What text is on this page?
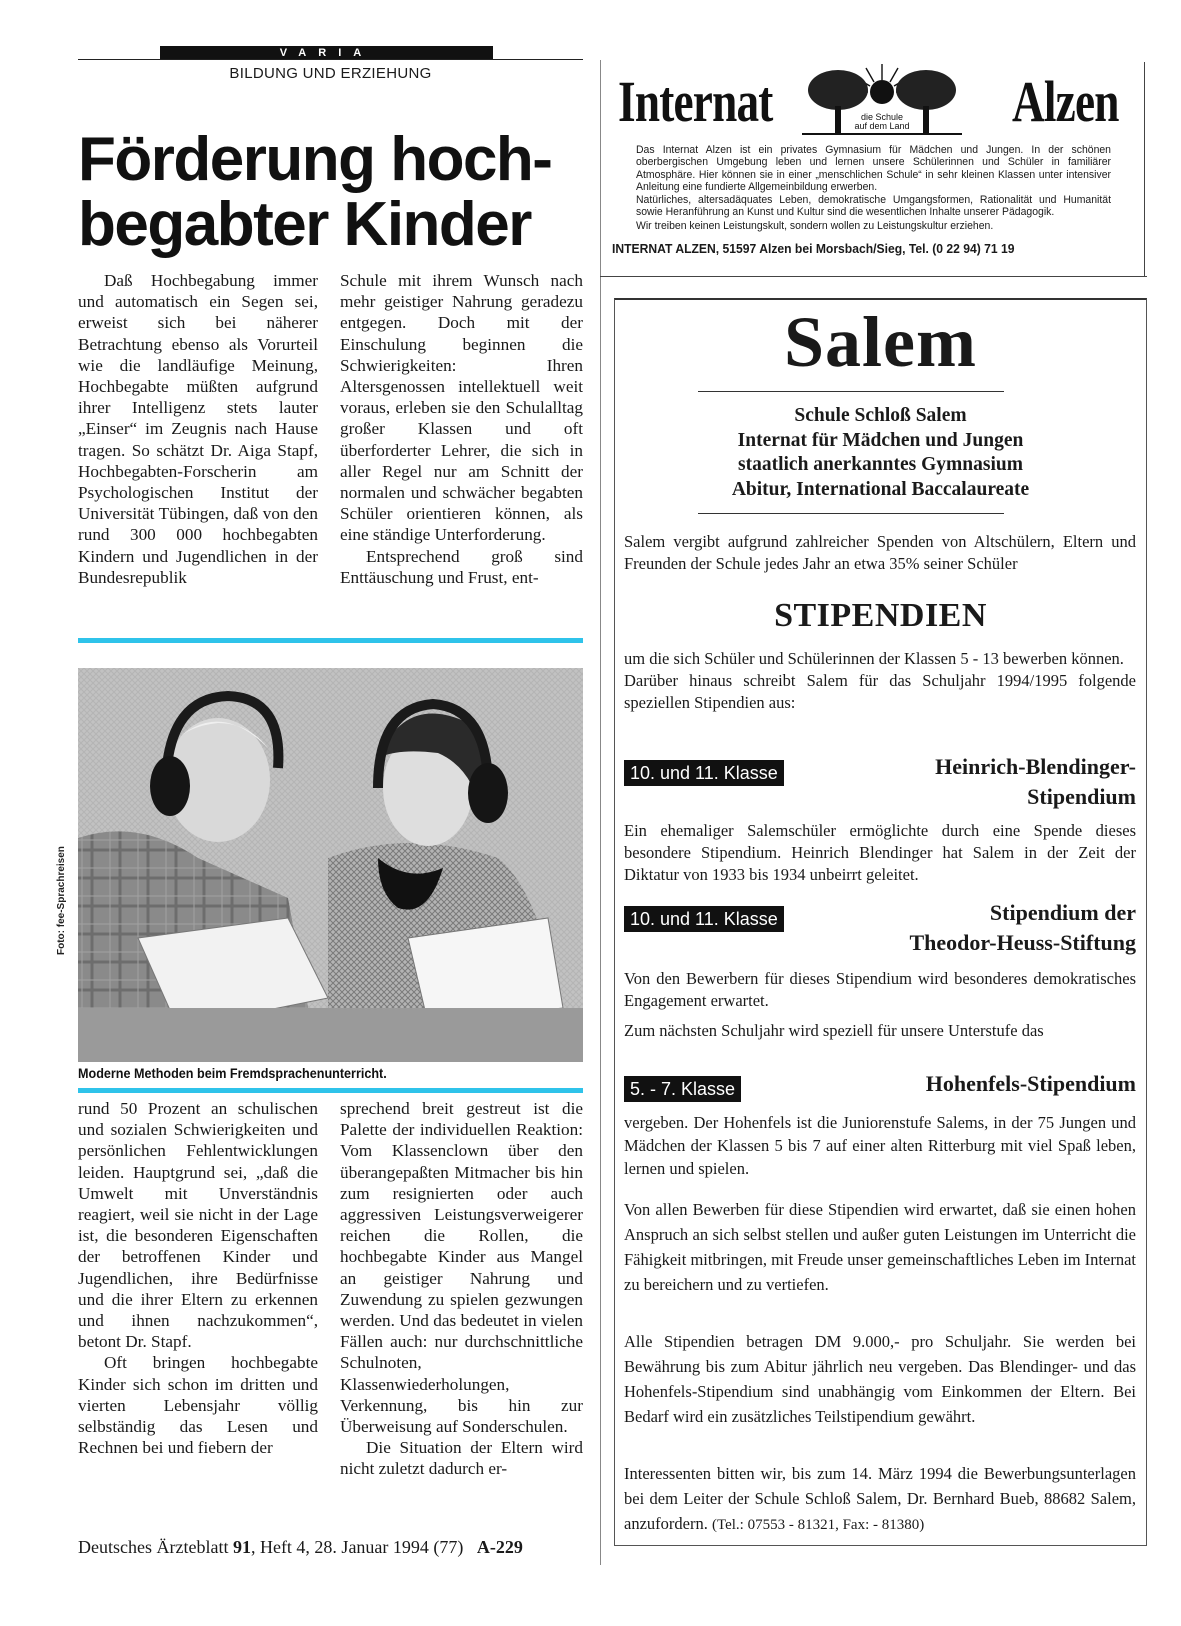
VARIA
BILDUNG UND ERZIEHUNG
Förderung hoch-
begabter Kinder

Daß Hochbegabung immer und automatisch ein Segen sei, erweist sich bei näherer Betrachtung ebenso als Vorurteil wie die landläufige Meinung, Hochbegabte müßten aufgrund ihrer Intelligenz stets lauter „Einser“ im Zeugnis nach Hause tragen. So schätzt Dr. Aiga Stapf, Hochbegabten-Forscherin am Psychologischen Institut der Universität Tübingen, daß von den rund 300 000 hochbegabten Kindern und Jugendlichen in der Bundesrepublik

Schule mit ihrem Wunsch nach mehr geistiger Nahrung geradezu entgegen. Doch mit der Einschulung beginnen die Schwierigkeiten: Ihren Altersgenossen intellektuell weit voraus, erleben sie den Schulalltag großer Klassen und oft überforderter Lehrer, die sich in aller Regel nur am Schnitt der normalen und schwächer begabten Schüler orientieren können, als eine ständige Unterforderung.

Entsprechend groß sind Enttäuschung und Frust, ent-

Foto: fee-Sprachreisen
Moderne Methoden beim Fremdsprachenunterricht.

rund 50 Prozent an schulischen und sozialen Schwierigkeiten und persönlichen Fehlentwicklungen leiden. Hauptgrund sei, „daß die Umwelt mit Unverständnis reagiert, weil sie nicht in der Lage ist, die besonderen Eigenschaften der betroffenen Kinder und Jugendlichen, ihre Bedürfnisse und die ihrer Eltern zu erkennen und ihnen nachzukommen“, betont Dr. Stapf.

Oft bringen hochbegabte Kinder sich schon im dritten und vierten Lebensjahr völlig selbständig das Lesen und Rechnen bei und fiebern der

sprechend breit gestreut ist die Palette der individuellen Reaktion: Vom Klassenclown über den überangepaßten Mitmacher bis hin zum resignierten oder auch aggressiven Leistungsverweigerer reichen die Rollen, die hochbegabte Kinder aus Mangel an geistiger Nahrung und Zuwendung zu spielen gezwungen werden. Und das bedeutet in vielen Fällen auch: nur durchschnittliche Schulnoten, Klassenwiederholungen, Verkennung, bis hin zur Überweisung auf Sonderschulen.

Die Situation der Eltern wird nicht zuletzt dadurch er-

Deutsches Ärzteblatt 91, Heft 4, 28. Januar 1994 (77) A-229
Internat	Alzen
die Schule
auf dem Land

Das Internat Alzen ist ein privates Gymnasium für Mädchen und Jungen. In der schönen oberbergischen Umgebung leben und lernen unsere Schülerinnen und Schüler in familiärer Atmosphäre. Hier können sie in einer „menschlichen Schule“ in sehr kleinen Klassen unter intensiver Anleitung eine fundierte Allgemeinbildung erwerben.

Natürliches, altersadäquates Leben, demokratische Umgangsformen, Rationalität und Humanität sowie Heranführung an Kunst und Kultur sind die wesentlichen Inhalte unserer Pädagogik.

Wir treiben keinen Leistungskult, sondern wollen zu Leistungskultur erziehen.

INTERNAT ALZEN, 51597 Alzen bei Morsbach/Sieg, Tel. (0 22 94) 71 19
Salem
Schule Schloß Salem
Internat für Mädchen und Jungen
staatlich anerkanntes Gymnasium
Abitur, International Baccalaureate
Salem vergibt aufgrund zahlreicher Spenden von Altschülern, Eltern und Freunden der Schule jedes Jahr an etwa 35% seiner Schüler
STIPENDIEN
um die sich Schüler und Schülerinnen der Klassen 5 - 13 bewerben können.
Darüber hinaus schreibt Salem für das Schuljahr 1994/1995 folgende speziellen Stipendien aus:
10. und 11. Klasse	Heinrich-Blendinger-
Stipendium
Ein ehemaliger Salemschüler ermöglichte durch eine Spende dieses besondere Stipendium. Heinrich Blendinger hat Salem in der Zeit der Diktatur von 1933 bis 1934 unbeirrt geleitet.
10. und 11. Klasse	Stipendium der
Theodor-Heuss-Stiftung
Von den Bewerbern für dieses Stipendium wird besonderes demokratisches Engagement erwartet.
Zum nächsten Schuljahr wird speziell für unsere Unterstufe das
5. - 7. Klasse	Hohenfels-Stipendium
vergeben. Der Hohenfels ist die Juniorenstufe Salems, in der 75 Jungen und Mädchen der Klassen 5 bis 7 auf einer alten Ritterburg mit viel Spaß leben, lernen und spielen.
Von allen Bewerben für diese Stipendien wird erwartet, daß sie einen hohen Anspruch an sich selbst stellen und außer guten Leistungen im Unterricht die Fähigkeit mitbringen, mit Freude unser gemeinschaftliches Leben im Internat zu bereichern und zu vertiefen.
Alle Stipendien betragen DM 9.000,- pro Schuljahr. Sie werden bei Bewährung bis zum Abitur jährlich neu vergeben. Das Blendinger- und das Hohenfels-Stipendium sind unabhängig vom Einkommen der Eltern. Bei Bedarf wird ein zusätzliches Teilstipendium gewährt.
Interessenten bitten wir, bis zum 14. März 1994 die Bewerbungsunterlagen bei dem Leiter der Schule Schloß Salem, Dr. Bernhard Bueb, 88682 Salem, anzufordern. (Tel.: 07553 - 81321, Fax: - 81380)
